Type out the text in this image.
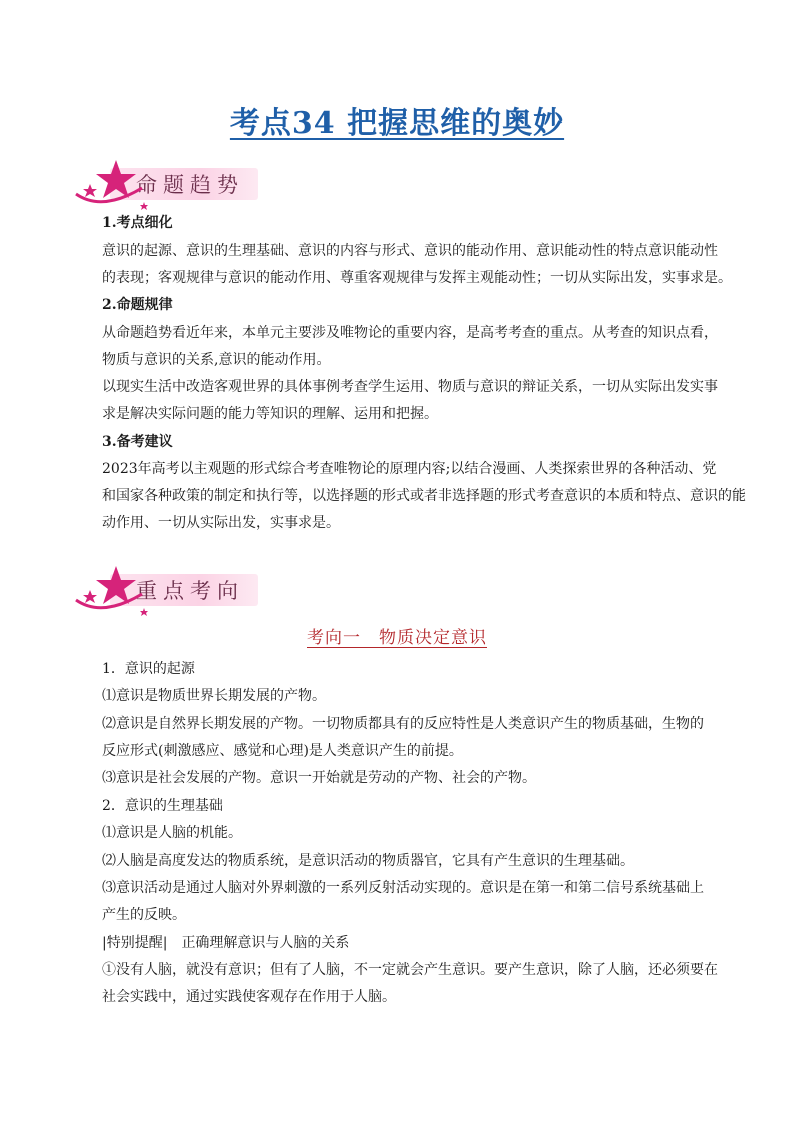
考点34 把握思维的奥妙
命题趋势
1.考点细化
意识的起源、意识的生理基础、意识的内容与形式、意识的能动作用、意识能动性的特点意识能动性
的表现；客观规律与意识的能动作用、尊重客观规律与发挥主观能动性；一切从实际出发，实事求是。
2.命题规律
从命题趋势看近年来，本单元主要涉及唯物论的重要内容，是高考考查的重点。从考查的知识点看，
物质与意识的关系,意识的能动作用。
以现实生活中改造客观世界的具体事例考查学生运用、物质与意识的辩证关系，一切从实际出发实事
求是解决实际问题的能力等知识的理解、运用和把握。
3.备考建议
2023年高考以主观题的形式综合考查唯物论的原理内容;以结合漫画、人类探索世界的各种活动、党
和国家各种政策的制定和执行等，以选择题的形式或者非选择题的形式考查意识的本质和特点、意识的能
动作用、一切从实际出发，实事求是。
重点考向
考向一　物质决定意识
1．意识的起源
⑴意识是物质世界长期发展的产物。
⑵意识是自然界长期发展的产物。一切物质都具有的反应特性是人类意识产生的物质基础，生物的
反应形式(刺激感应、感觉和心理)是人类意识产生的前提。
⑶意识是社会发展的产物。意识一开始就是劳动的产物、社会的产物。
2．意识的生理基础
⑴意识是人脑的机能。
⑵人脑是高度发达的物质系统，是意识活动的物质器官，它具有产生意识的生理基础。
⑶意识活动是通过人脑对外界刺激的一系列反射活动实现的。意识是在第一和第二信号系统基础上
产生的反映。
|特别提醒| 正确理解意识与人脑的关系
①没有人脑，就没有意识；但有了人脑，不一定就会产生意识。要产生意识，除了人脑，还必须要在
社会实践中，通过实践使客观存在作用于人脑。
